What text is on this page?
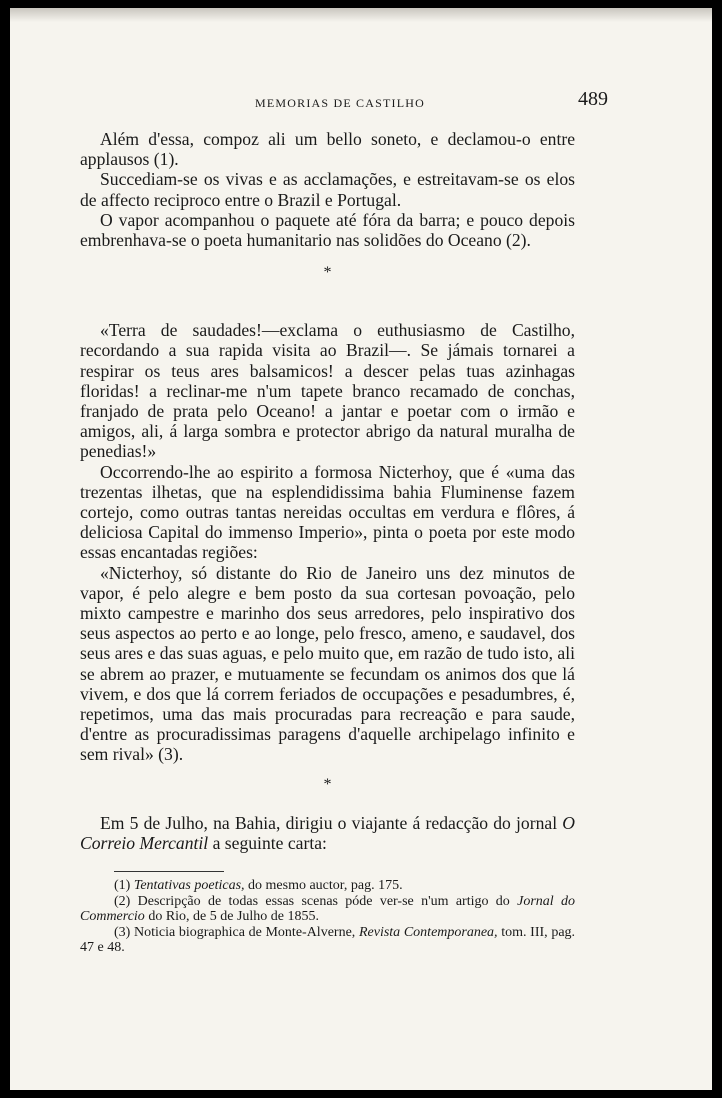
MEMORIAS DE CASTILHO	489

Além d'essa, compoz ali um bello soneto, e declamou-o entre applausos (1).

Succediam-se os vivas e as acclamações, e estreitavam-se os elos de affecto reciproco entre o Brazil e Portugal.

O vapor acompanhou o paquete até fóra da barra; e pouco depois embrenhava-se o poeta humanitario nas solidões do Oceano (2).

*

«Terra de saudades!—exclama o euthusiasmo de Castilho, recordando a sua rapida visita ao Brazil—. Se jámais tornarei a respirar os teus ares balsamicos! a descer pelas tuas azinhagas floridas! a reclinar-me n'um tapete branco recamado de conchas, franjado de prata pelo Oceano! a jantar e poetar com o irmão e amigos, ali, á larga sombra e protector abrigo da natural muralha de penedias!»

Occorrendo-lhe ao espirito a formosa Nicterhoy, que é «uma das trezentas ilhetas, que na esplendidissima bahia Fluminense fazem cortejo, como outras tantas nereidas occultas em verdura e flôres, á deliciosa Capital do immenso Imperio», pinta o poeta por este modo essas encantadas regiões:

«Nicterhoy, só distante do Rio de Janeiro uns dez minutos de vapor, é pelo alegre e bem posto da sua cortesan povoação, pelo mixto campestre e marinho dos seus arredores, pelo inspirativo dos seus aspectos ao perto e ao longe, pelo fresco, ameno, e saudavel, dos seus ares e das suas aguas, e pelo muito que, em razão de tudo isto, ali se abrem ao prazer, e mutuamente se fecundam os animos dos que lá vivem, e dos que lá correm feriados de occupações e pesadumbres, é, repetimos, uma das mais procuradas para recreação e para saude, d'entre as procuradissimas paragens d'aquelle archipelago infinito e sem rival» (3).

*

Em 5 de Julho, na Bahia, dirigiu o viajante á redacção do jornal O Correio Mercantil a seguinte carta:

(1) Tentativas poeticas, do mesmo auctor, pag. 175.

(2) Descripção de todas essas scenas póde ver-se n'um artigo do Jornal do Commercio do Rio, de 5 de Julho de 1855.

(3) Noticia biographica de Monte-Alverne, Revista Contemporanea, tom. III, pag. 47 e 48.
